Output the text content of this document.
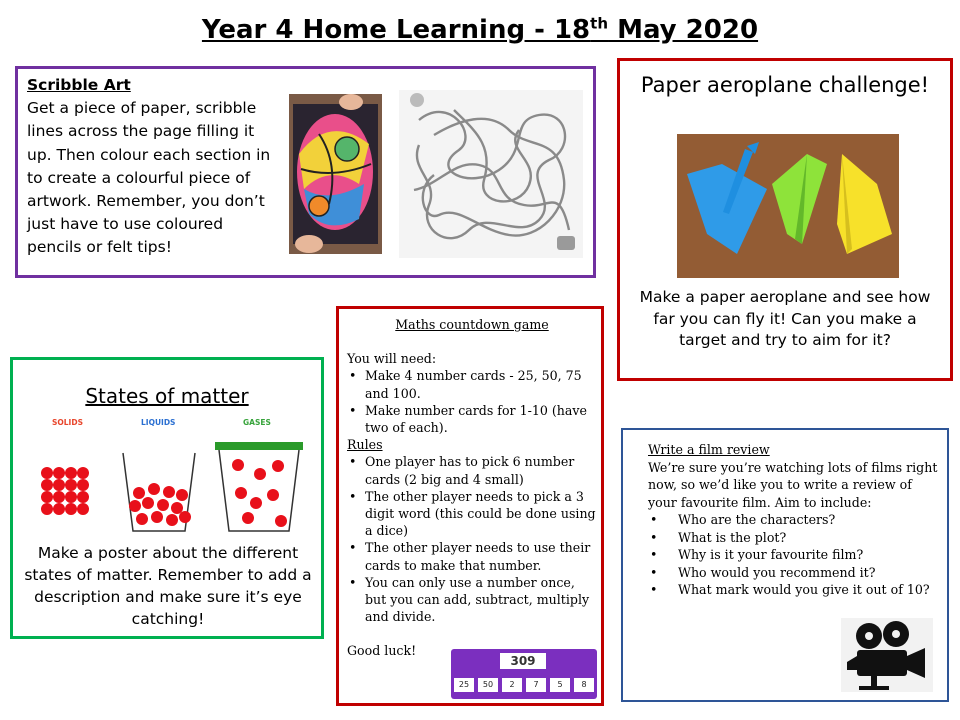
Year 4 Home Learning - 18th May 2020
Scribble Art
Get a piece of paper, scribble lines across the page filling it up. Then colour each section in to create a colourful piece of artwork. Remember, you don’t just have to use coloured pencils or felt tips!
Paper aeroplane challenge!
Make a paper aeroplane and see how far you can fly it! Can you make a target and try to aim for it?
States of matter
SOLIDS	LIQUIDS	GASES
Make a poster about the different states of matter. Remember to add a description and make sure it’s eye catching!
Maths countdown game
You will need:
• Make 4 number cards - 25, 50, 75 and 100.
• Make number cards for 1-10 (have two of each).
Rules
• One player has to pick 6 number cards (2 big and 4 small)
• The other player needs to pick a 3 digit word (this could be done using a dice)
• The other player needs to use their cards to make that number.
• You can only use a number once, but you can add, subtract, multiply and divide.
Good luck!
309
25	50	2	7	5	8
Write a film review
We’re sure you’re watching lots of films right now, so we’d like you to write a review of your favourite film. Aim to include:
• Who are the characters?
• What is the plot?
• Why is it your favourite film?
• Who would you recommend it?
• What mark would you give it out of 10?
